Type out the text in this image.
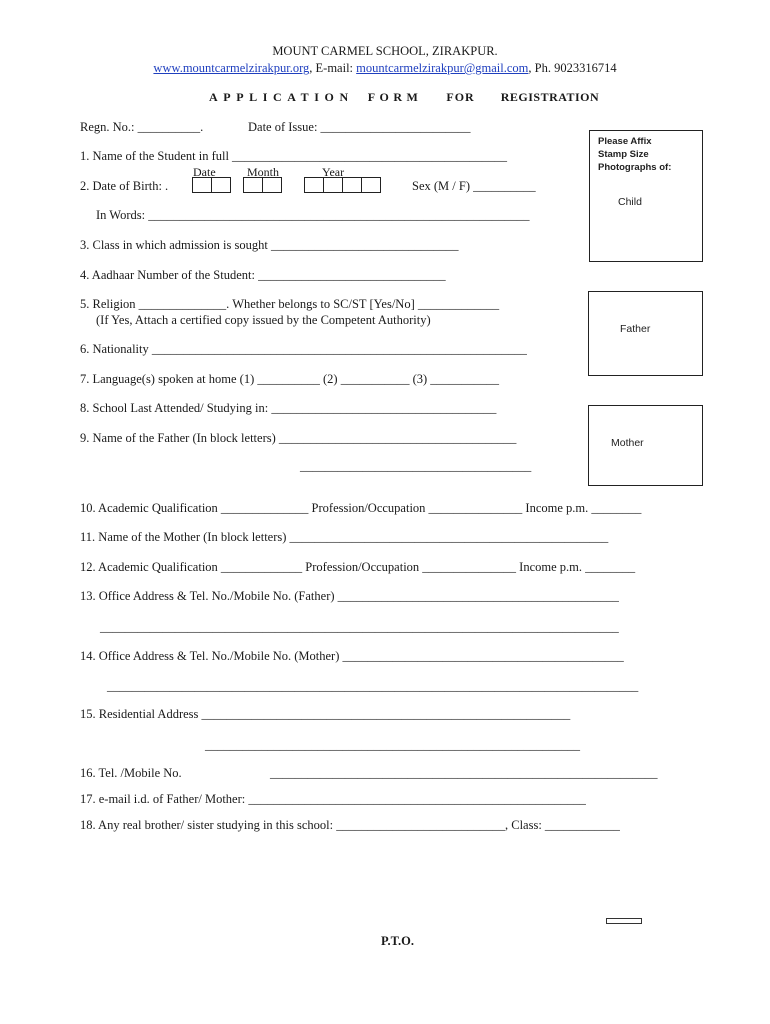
MOUNT CARMEL SCHOOL, ZIRAKPUR.
www.mountcarmelzirakpur.org, E-mail: mountcarmelzirakpur@gmail.com, Ph. 9023316714
APPLICATION FORM FOR REGISTRATION
Please Affix
Stamp Size
Photographs of:
Child
Father
Mother
Regn. No.: __________.	Date of Issue: ________________________
1. Name of the Student in full ____________________________________________
Date	Month	Year
2. Date of Birth: .	Sex (M / F) __________
In Words: _____________________________________________________________
3. Class in which admission is sought ______________________________
4. Aadhaar Number of the Student: ______________________________
5. Religion ______________. Whether belongs to SC/ST [Yes/No] _____________
(If Yes, Attach a certified copy issued by the Competent Authority)
6. Nationality ____________________________________________________________
7. Language(s) spoken at home (1) __________ (2) ___________ (3) ___________
8. School Last Attended/ Studying in: ____________________________________
9. Name of the Father (In block letters) ______________________________________
_____________________________________
10. Academic Qualification ______________ Profession/Occupation _______________ Income p.m. ________
11. Name of the Mother (In block letters) ___________________________________________________
12. Academic Qualification _____________ Profession/Occupation _______________ Income p.m. ________
13. Office Address & Tel. No./Mobile No. (Father) _____________________________________________
___________________________________________________________________________________
14. Office Address & Tel. No./Mobile No. (Mother) _____________________________________________
_____________________________________________________________________________________
15. Residential Address ___________________________________________________________
____________________________________________________________
16. Tel. /Mobile No.	______________________________________________________________
17. e-mail i.d. of Father/ Mother: ______________________________________________________
18. Any real brother/ sister studying in this school: ___________________________, Class: ____________
P.T.O.
